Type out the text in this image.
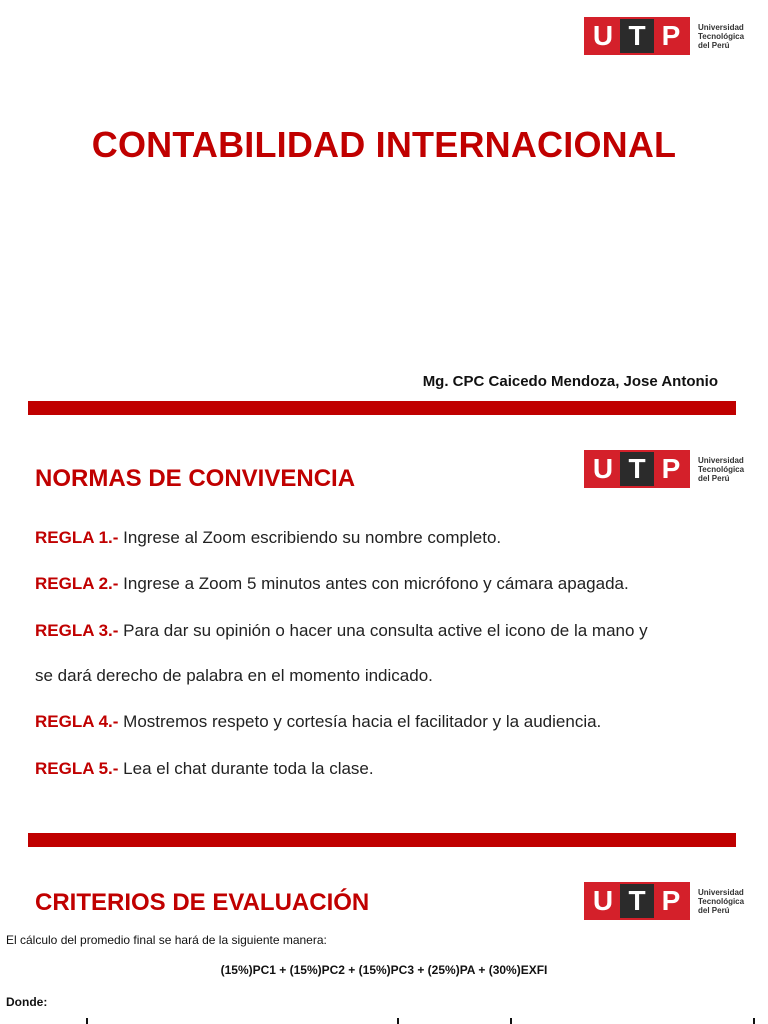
U T P	Universidad
Tecnológica
del Perú
CONTABILIDAD INTERNACIONAL
Mg. CPC Caicedo Mendoza, Jose Antonio
U T P	Universidad
Tecnológica
del Perú
NORMAS DE CONVIVENCIA
REGLA 1.- Ingrese al Zoom escribiendo su nombre completo.
REGLA 2.- Ingrese a Zoom 5 minutos antes con micrófono y cámara apagada.
REGLA 3.- Para dar su opinión o hacer una consulta active el icono de la mano y
se dará derecho de palabra en el momento indicado.
REGLA 4.- Mostremos respeto y cortesía hacia el facilitador y la audiencia.
REGLA 5.- Lea el chat durante toda la clase.
U T P	Universidad
Tecnológica
del Perú
CRITERIOS DE EVALUACIÓN
El cálculo del promedio final se hará de la siguiente manera:
(15%)PC1 + (15%)PC2 + (15%)PC3 + (25%)PA + (30%)EXFI
Donde:
